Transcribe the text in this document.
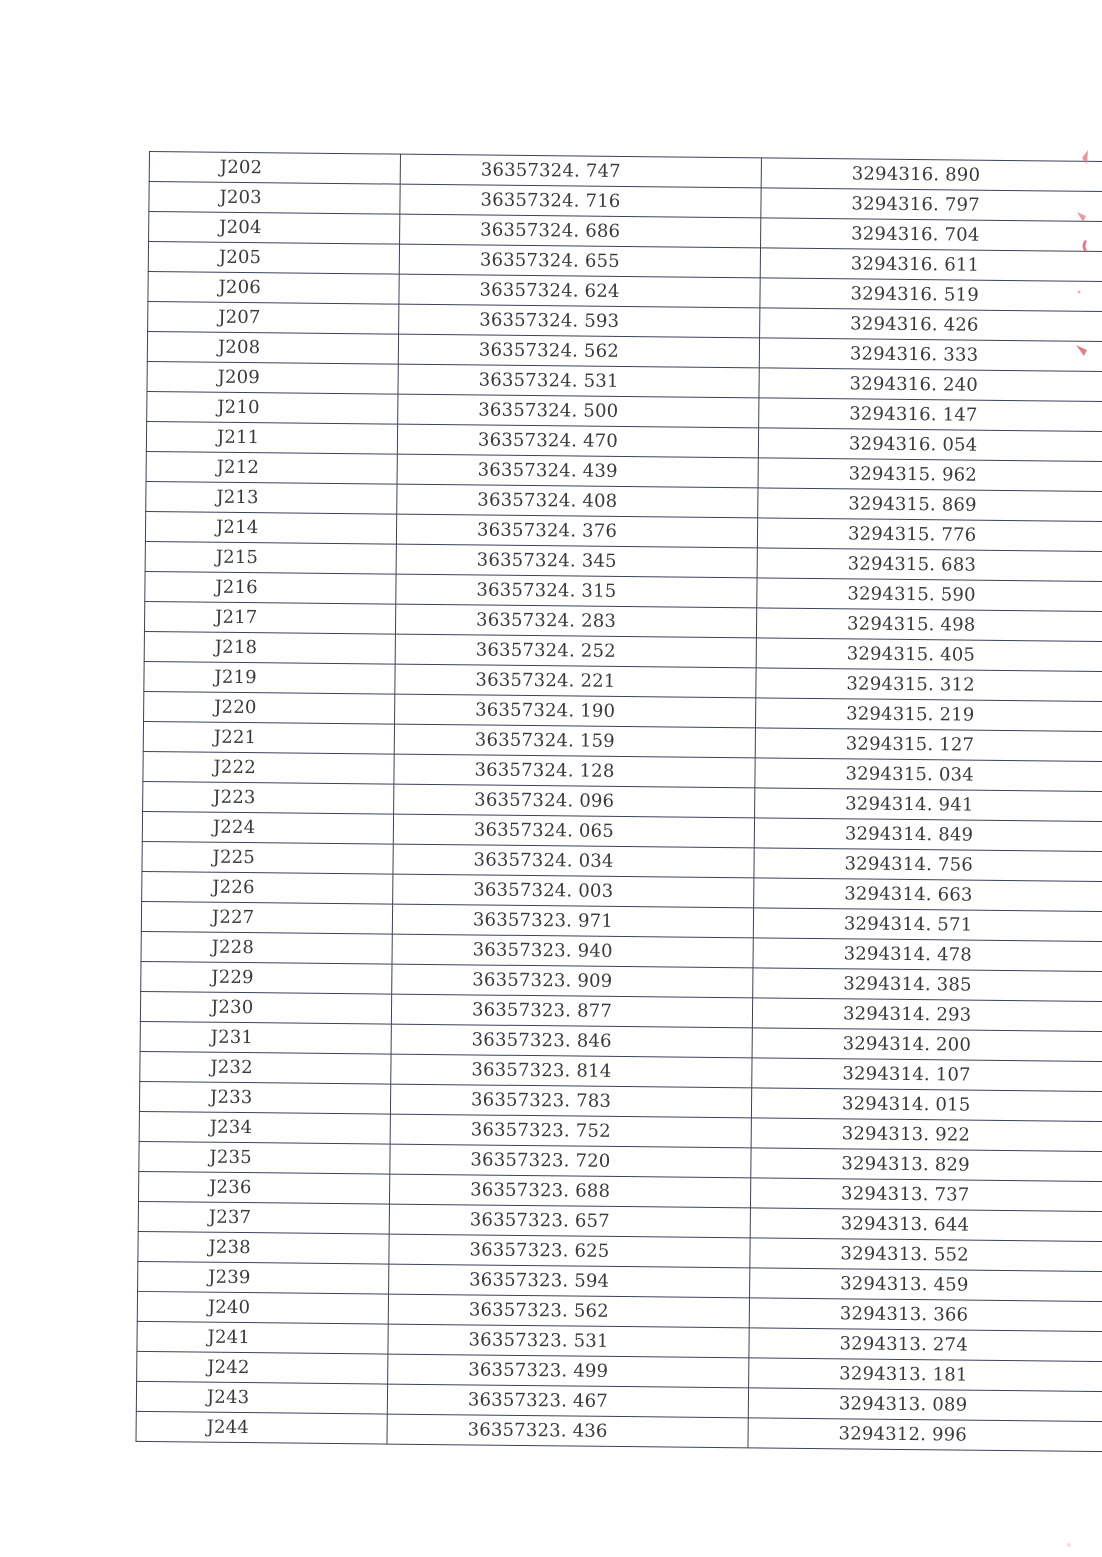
J202	36357324. 747	3294316. 890
J203	36357324. 716	3294316. 797
J204	36357324. 686	3294316. 704
J205	36357324. 655	3294316. 611
J206	36357324. 624	3294316. 519
J207	36357324. 593	3294316. 426
J208	36357324. 562	3294316. 333
J209	36357324. 531	3294316. 240
J210	36357324. 500	3294316. 147
J211	36357324. 470	3294316. 054
J212	36357324. 439	3294315. 962
J213	36357324. 408	3294315. 869
J214	36357324. 376	3294315. 776
J215	36357324. 345	3294315. 683
J216	36357324. 315	3294315. 590
J217	36357324. 283	3294315. 498
J218	36357324. 252	3294315. 405
J219	36357324. 221	3294315. 312
J220	36357324. 190	3294315. 219
J221	36357324. 159	3294315. 127
J222	36357324. 128	3294315. 034
J223	36357324. 096	3294314. 941
J224	36357324. 065	3294314. 849
J225	36357324. 034	3294314. 756
J226	36357324. 003	3294314. 663
J227	36357323. 971	3294314. 571
J228	36357323. 940	3294314. 478
J229	36357323. 909	3294314. 385
J230	36357323. 877	3294314. 293
J231	36357323. 846	3294314. 200
J232	36357323. 814	3294314. 107
J233	36357323. 783	3294314. 015
J234	36357323. 752	3294313. 922
J235	36357323. 720	3294313. 829
J236	36357323. 688	3294313. 737
J237	36357323. 657	3294313. 644
J238	36357323. 625	3294313. 552
J239	36357323. 594	3294313. 459
J240	36357323. 562	3294313. 366
J241	36357323. 531	3294313. 274
J242	36357323. 499	3294313. 181
J243	36357323. 467	3294313. 089
J244	36357323. 436	3294312. 996
